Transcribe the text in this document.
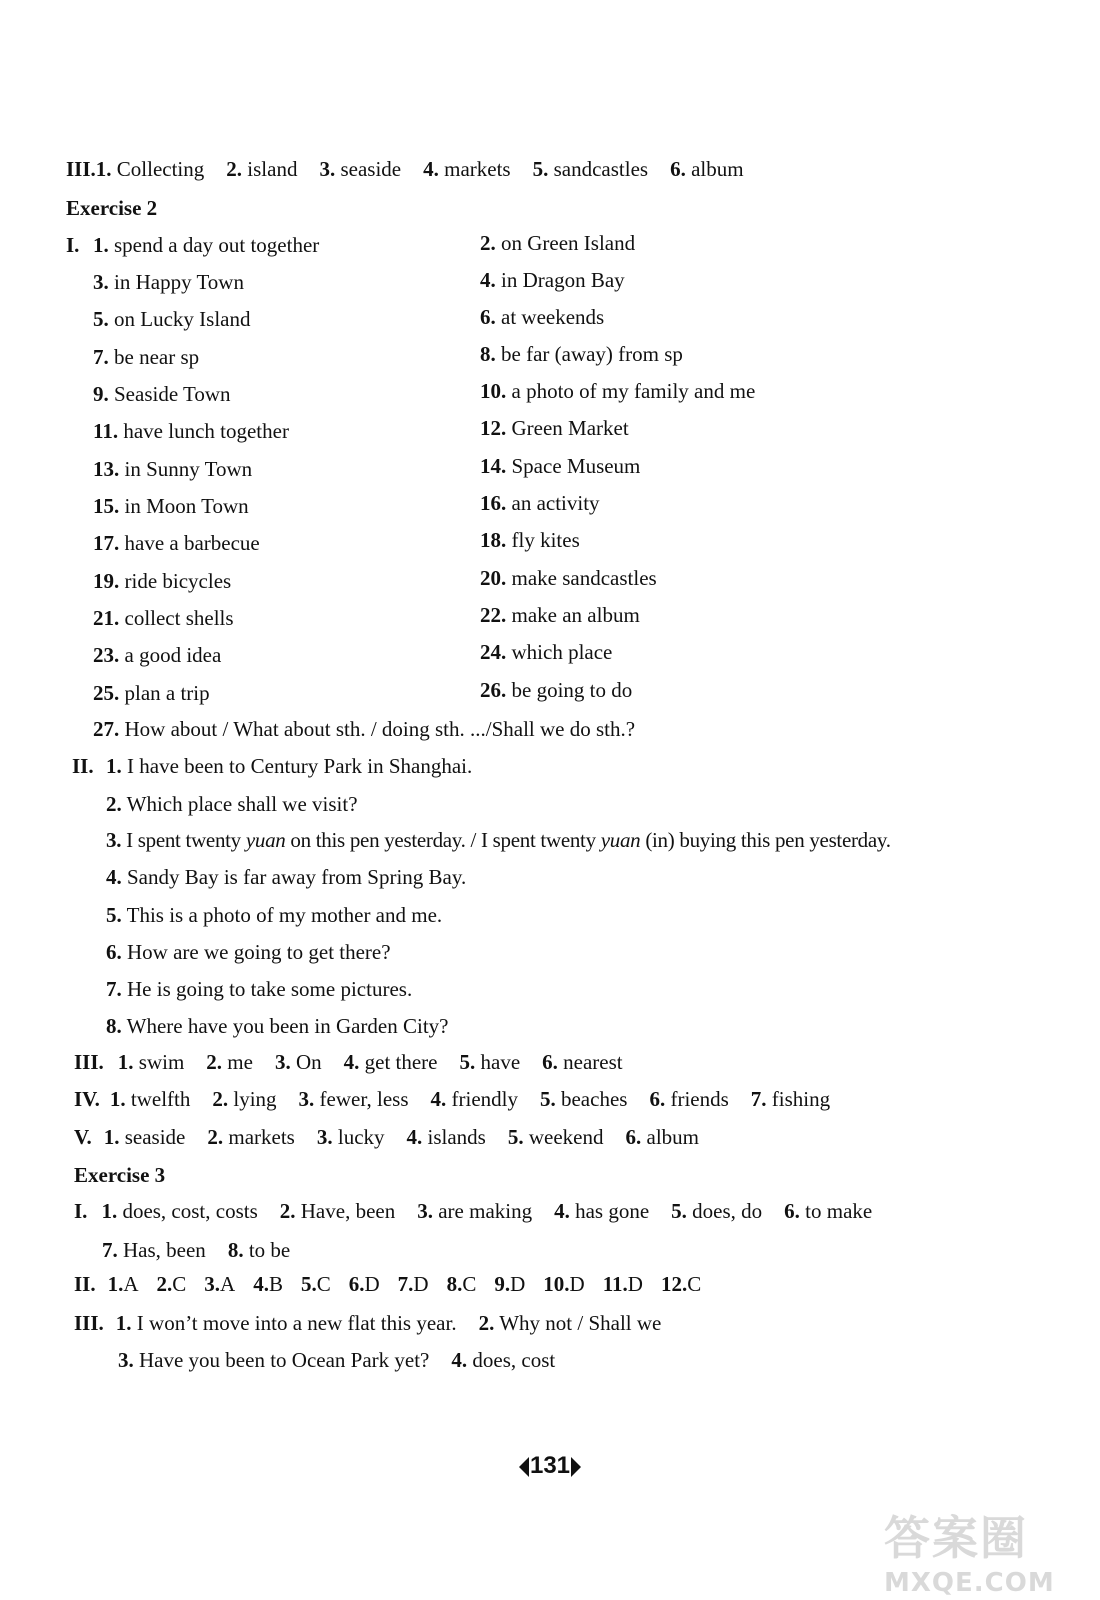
III.1. Collecting 2. island 3. seaside 4. markets 5. sandcastles 6. album
Exercise 2
I. 1. spend a day out together	2. on Green Island
3. in Happy Town	4. in Dragon Bay
5. on Lucky Island	6. at weekends
7. be near sp	8. be far (away) from sp
9. Seaside Town	10. a photo of my family and me
11. have lunch together	12. Green Market
13. in Sunny Town	14. Space Museum
15. in Moon Town	16. an activity
17. have a barbecue	18. fly kites
19. ride bicycles	20. make sandcastles
21. collect shells	22. make an album
23. a good idea	24. which place
25. plan a trip	26. be going to do
27. How about / What about sth. / doing sth. .../Shall we do sth.?
II. 1. I have been to Century Park in Shanghai.
2. Which place shall we visit?
3. I spent twenty yuan on this pen yesterday. / I spent twenty yuan (in) buying this pen yesterday.
4. Sandy Bay is far away from Spring Bay.
5. This is a photo of my mother and me.
6. How are we going to get there?
7. He is going to take some pictures.
8. Where have you been in Garden City?
III. 1. swim 2. me 3. On 4. get there 5. have 6. nearest
IV. 1. twelfth 2. lying 3. fewer, less 4. friendly 5. beaches 6. friends 7. fishing
V. 1. seaside 2. markets 3. lucky 4. islands 5. weekend 6. album
Exercise 3
I. 1. does, cost, costs 2. Have, been 3. are making 4. has gone 5. does, do 6. to make
7. Has, been 8. to be
II. 1.A 2.C 3.A 4.B 5.C 6.D 7.D 8.C 9.D 10.D 11.D 12.C
III. 1. I won’t move into a new flat this year. 2. Why not / Shall we
3. Have you been to Ocean Park yet? 4. does, cost
131
答案圈
MXQE.COM
